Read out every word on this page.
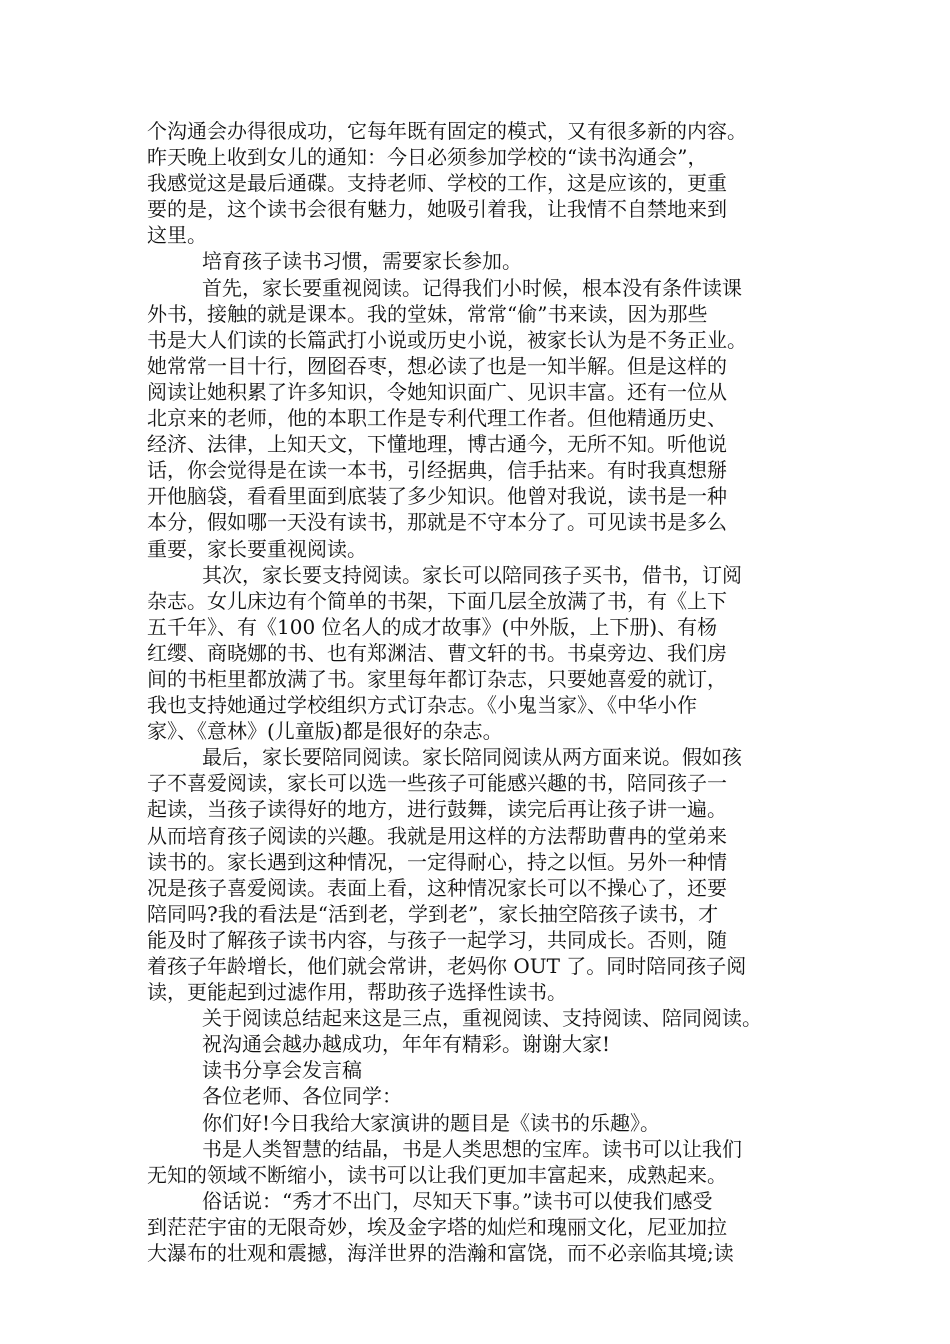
个沟通会办得很成功，它每年既有固定的模式，又有很多新的内容。
昨天晚上收到女儿的通知：今日必须参加学校的“读书沟通会”，
我感觉这是最后通碟。支持老师、学校的工作，这是应该的，更重
要的是，这个读书会很有魅力，她吸引着我，让我情不自禁地来到
这里。
培育孩子读书习惯，需要家长参加。
首先，家长要重视阅读。记得我们小时候，根本没有条件读课
外书，接触的就是课本。我的堂妹，常常“偷”书来读，因为那些
书是大人们读的长篇武打小说或历史小说，被家长认为是不务正业。
她常常一目十行，囫囵吞枣，想必读了也是一知半解。但是这样的
阅读让她积累了许多知识，令她知识面广、见识丰富。还有一位从
北京来的老师，他的本职工作是专利代理工作者。但他精通历史、
经济、法律，上知天文，下懂地理，博古通今，无所不知。听他说
话，你会觉得是在读一本书，引经据典，信手拈来。有时我真想掰
开他脑袋，看看里面到底装了多少知识。他曾对我说，读书是一种
本分，假如哪一天没有读书，那就是不守本分了。可见读书是多么
重要，家长要重视阅读。
其次，家长要支持阅读。家长可以陪同孩子买书，借书，订阅
杂志。女儿床边有个简单的书架，下面几层全放满了书，有《上下
五千年》、有《100 位名人的成才故事》(中外版，上下册)、有杨
红缨、商晓娜的书、也有郑渊洁、曹文轩的书。书桌旁边、我们房
间的书柜里都放满了书。家里每年都订杂志，只要她喜爱的就订，
我也支持她通过学校组织方式订杂志。《小鬼当家》、《中华小作
家》、《意林》(儿童版)都是很好的杂志。
最后，家长要陪同阅读。家长陪同阅读从两方面来说。假如孩
子不喜爱阅读，家长可以选一些孩子可能感兴趣的书，陪同孩子一
起读，当孩子读得好的地方，进行鼓舞，读完后再让孩子讲一遍。
从而培育孩子阅读的兴趣。我就是用这样的方法帮助曹冉的堂弟来
读书的。家长遇到这种情况，一定得耐心，持之以恒。另外一种情
况是孩子喜爱阅读。表面上看，这种情况家长可以不操心了，还要
陪同吗?我的看法是“活到老，学到老”，家长抽空陪孩子读书，才
能及时了解孩子读书内容，与孩子一起学习，共同成长。否则，随
着孩子年龄增长，他们就会常讲，老妈你 OUT 了。同时陪同孩子阅
读，更能起到过滤作用，帮助孩子选择性读书。
关于阅读总结起来这是三点，重视阅读、支持阅读、陪同阅读。
祝沟通会越办越成功，年年有精彩。谢谢大家!
读书分享会发言稿
各位老师、各位同学：
你们好!今日我给大家演讲的题目是《读书的乐趣》。
书是人类智慧的结晶，书是人类思想的宝库。读书可以让我们
无知的领域不断缩小，读书可以让我们更加丰富起来，成熟起来。
俗话说：“秀才不出门，尽知天下事。”读书可以使我们感受
到茫茫宇宙的无限奇妙，埃及金字塔的灿烂和瑰丽文化，尼亚加拉
大瀑布的壮观和震撼，海洋世界的浩瀚和富饶，而不必亲临其境;读
